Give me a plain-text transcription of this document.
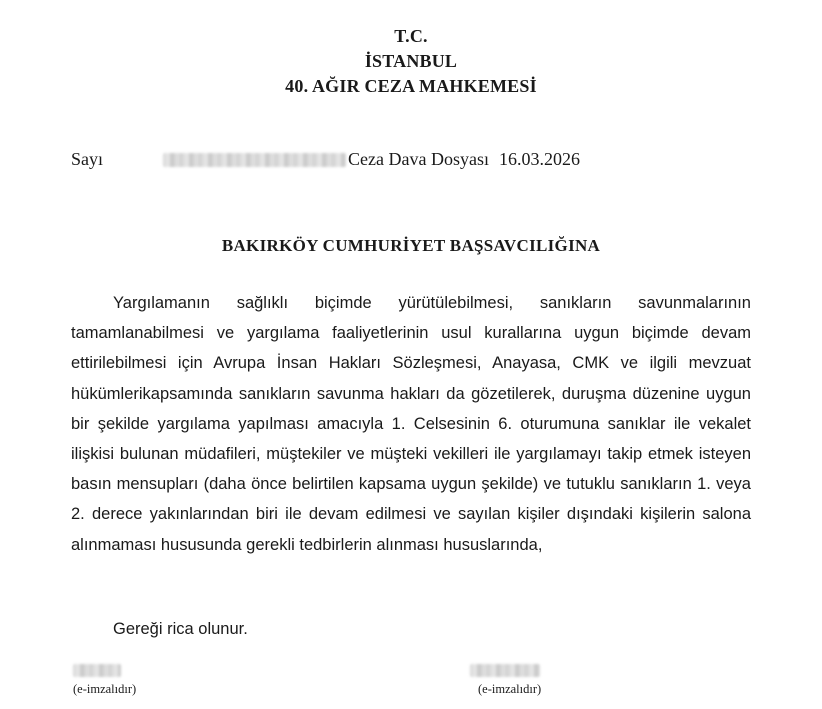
T.C.
İSTANBUL
40. AĞIR CEZA MAHKEMESİ
Sayı	Ceza Dava Dosyası 16.03.2026
BAKIRKÖY CUMHURİYET BAŞSAVCILIĞINA
Yargılamanın sağlıklı biçimde yürütülebilmesi, sanıkların savunmalarının tamamlanabilmesi ve yargılama faaliyetlerinin usul kurallarına uygun biçimde devam ettirilebilmesi için Avrupa İnsan Hakları Sözleşmesi, Anayasa, CMK ve ilgili mevzuat hükümlerikapsamında sanıkların savunma hakları da gözetilerek, duruşma düzenine uygun bir şekilde yargılama yapılması amacıyla 1. Celsesinin 6. oturumuna sanıklar ile vekalet ilişkisi bulunan müdafileri, müştekiler ve müşteki vekilleri ile yargılamayı takip etmek isteyen basın mensupları (daha önce belirtilen kapsama uygun şekilde) ve tutuklu sanıkların 1. veya 2. derece yakınlarından biri ile devam edilmesi ve sayılan kişiler dışındaki kişilerin salona alınmaması hususunda gerekli tedbirlerin alınması hususlarında,
Gereği rica olunur.
(e-imzalıdır)	(e-imzalıdır)
